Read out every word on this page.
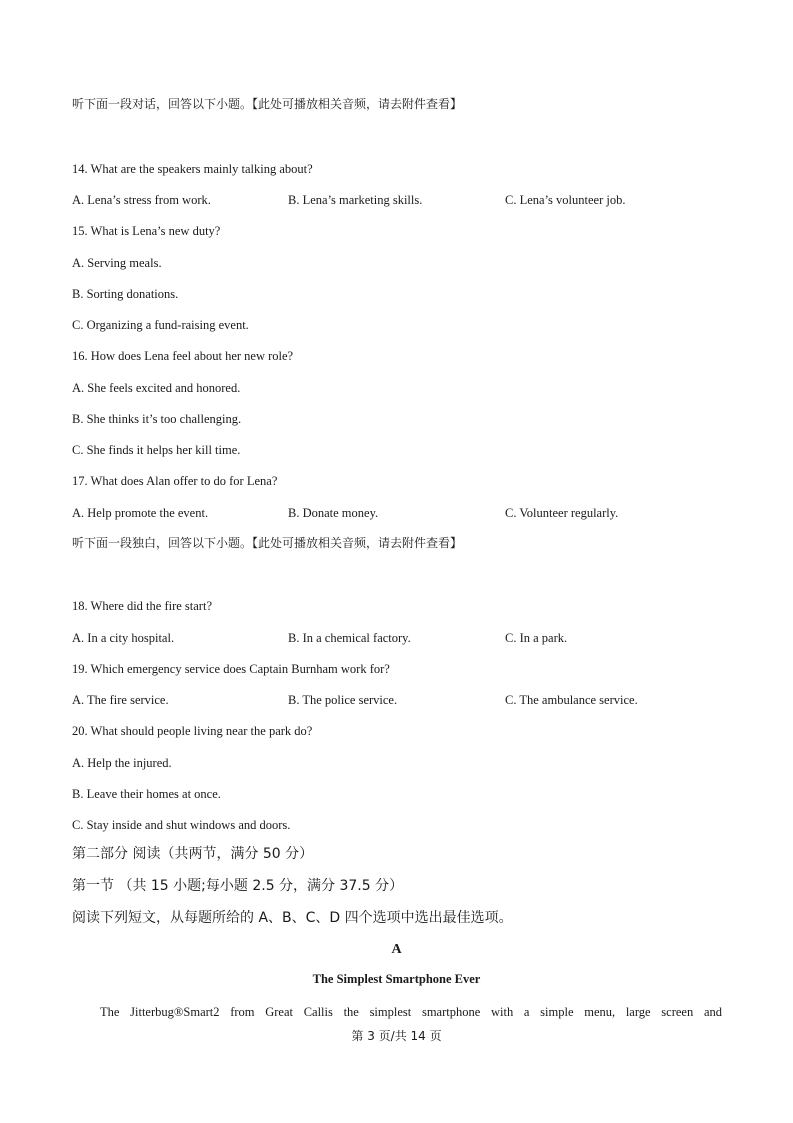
听下面一段对话，回答以下小题。【此处可播放相关音频，请去附件查看】
14. What are the speakers mainly talking about?
A. Lena’s stress from work.	B. Lena’s marketing skills.	C. Lena’s volunteer job.
15. What is Lena’s new duty?
A. Serving meals.
B. Sorting donations.
C. Organizing a fund-raising event.
16. How does Lena feel about her new role?
A. She feels excited and honored.
B. She thinks it’s too challenging.
C. She finds it helps her kill time.
17. What does Alan offer to do for Lena?
A. Help promote the event.	B. Donate money.	C. Volunteer regularly.
听下面一段独白，回答以下小题。【此处可播放相关音频，请去附件查看】
18. Where did the fire start?
A. In a city hospital.	B. In a chemical factory.	C. In a park.
19. Which emergency service does Captain Burnham work for?
A. The fire service.	B. The police service.	C. The ambulance service.
20. What should people living near the park do?
A. Help the injured.
B. Leave their homes at once.
C. Stay inside and shut windows and doors.
第二部分 阅读（共两节，满分 50 分）
第一节 （共 15 小题;每小题 2.5 分，满分 37.5 分）
阅读下列短文，从每题所给的 A、B、C、D 四个选项中选出最佳选项。
A
The Simplest Smartphone Ever
The Jitterbug®Smart2 from Great Callis the simplest smartphone with a simple menu, large screen and
第 3 页/共 14 页
